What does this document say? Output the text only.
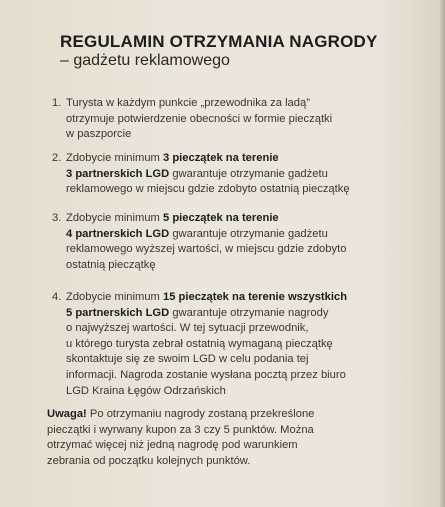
REGULAMIN OTRZYMANIA NAGRODY
– gadżetu reklamowego
1. Turysta w każdym punkcie „przewodnika za ladą”
otrzymuje potwierdzenie obecności w formie pieczątki
w paszporcie
2. Zdobycie minimum 3 pieczątek na terenie
3 partnerskich LGD gwarantuje otrzymanie gadżetu
reklamowego w miejscu gdzie zdobyto ostatnią pieczątkę
3. Zdobycie minimum 5 pieczątek na terenie
4 partnerskich LGD gwarantuje otrzymanie gadżetu
reklamowego wyższej wartości, w miejscu gdzie zdobyto
ostatnią pieczątkę
4. Zdobycie minimum 15 pieczątek na terenie wszystkich
5 partnerskich LGD gwarantuje otrzymanie nagrody
o najwyższej wartości. W tej sytuacji przewodnik,
u którego turysta zebrał ostatnią wymaganą pieczątkę
skontaktuje się ze swoim LGD w celu podania tej
informacji. Nagroda zostanie wysłana pocztą przez biuro
LGD Kraina Łęgów Odrzańskich
Uwaga! Po otrzymaniu nagrody zostaną przekreślone
pieczątki i wyrwany kupon za 3 czy 5 punktów. Można
otrzymać więcej niż jedną nagrodę pod warunkiem
zebrania od początku kolejnych punktów.
